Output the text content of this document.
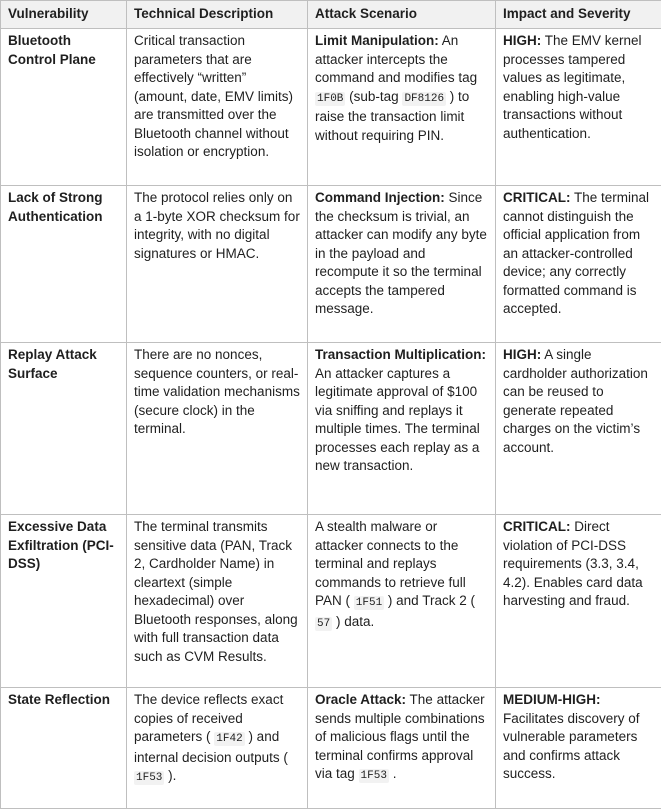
Vulnerability	Technical Description	Attack Scenario	Impact and Severity
Bluetooth Control Plane	Critical transaction parameters that are effectively “written” (amount, date, EMV limits) are transmitted over the Bluetooth channel without isolation or encryption.	Limit Manipulation: An attacker intercepts the command and modifies tag 1F0B (sub-tag DF8126 ) to raise the transaction limit without requiring PIN.	HIGH: The EMV kernel processes tampered values as legitimate, enabling high-value transactions without authentication.
Lack of Strong Authentication	The protocol relies only on a 1-byte XOR checksum for integrity, with no digital signatures or HMAC.	Command Injection: Since the checksum is trivial, an attacker can modify any byte in the payload and recompute it so the terminal accepts the tampered message.	CRITICAL: The terminal cannot distinguish the official application from an attacker-controlled device; any correctly formatted command is accepted.
Replay Attack Surface	There are no nonces, sequence counters, or real-time validation mechanisms (secure clock) in the terminal.	Transaction Multiplication: An attacker captures a legitimate approval of $100 via sniffing and replays it multiple times. The terminal processes each replay as a new transaction.	HIGH: A single cardholder authorization can be reused to generate repeated charges on the victim’s account.
Excessive Data Exfiltration (PCI-DSS)	The terminal transmits sensitive data (PAN, Track 2, Cardholder Name) in cleartext (simple hexadecimal) over Bluetooth responses, along with full transaction data such as CVM Results.	A stealth malware or attacker connects to the terminal and replays commands to retrieve full PAN ( 1F51 ) and Track 2 ( 57 ) data.	CRITICAL: Direct violation of PCI-DSS requirements (3.3, 3.4, 4.2). Enables card data harvesting and fraud.
State Reflection	The device reflects exact copies of received parameters ( 1F42 ) and internal decision outputs ( 1F53 ).	Oracle Attack: The attacker sends multiple combinations of malicious flags until the terminal confirms approval via tag 1F53 .	MEDIUM-HIGH: Facilitates discovery of vulnerable parameters and confirms attack success.
